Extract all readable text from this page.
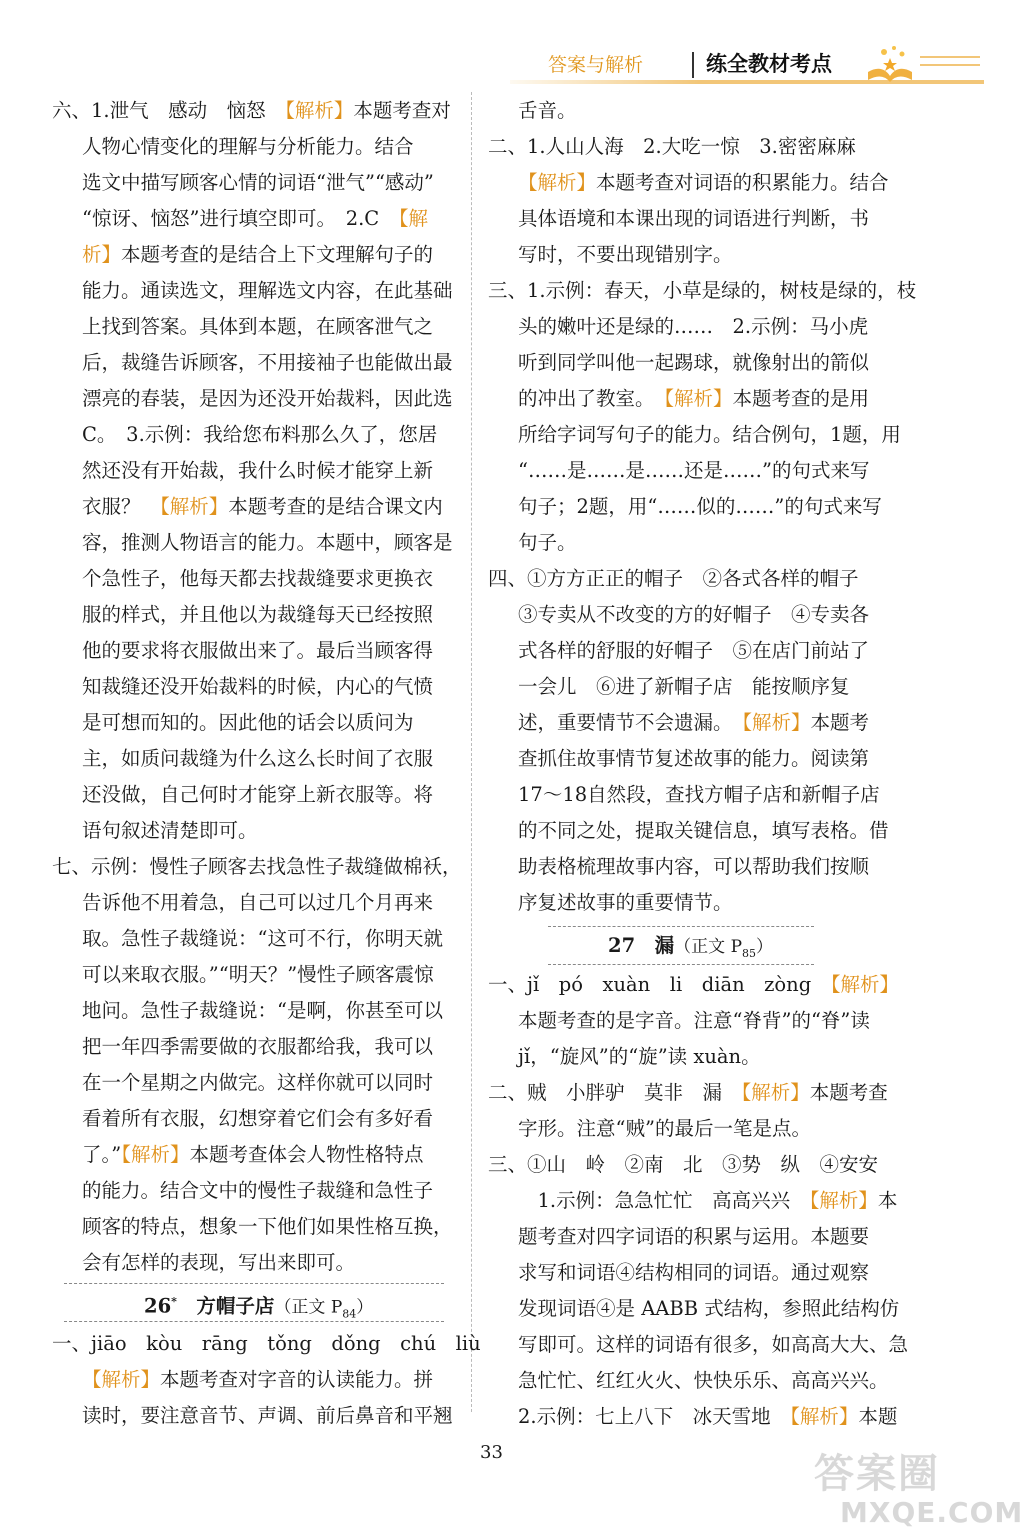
答案与解析	练全教材考点
六、1.泄气　感动　恼怒　【解析】本题考查对
人物心情变化的理解与分析能力。结合
选文中描写顾客心情的词语“泄气”“感动”
“惊讶、恼怒”进行填空即可。　2.C　【解
析】本题考查的是结合上下文理解句子的
能力。通读选文，理解选文内容，在此基础
上找到答案。具体到本题，在顾客泄气之
后，裁缝告诉顾客，不用接袖子也能做出最
漂亮的春装，是因为还没开始裁料，因此选
C。　3.示例：我给您布料那么久了，您居
然还没有开始裁，我什么时候才能穿上新
衣服？　【解析】本题考查的是结合课文内
容，推测人物语言的能力。本题中，顾客是
个急性子，他每天都去找裁缝要求更换衣
服的样式，并且他以为裁缝每天已经按照
他的要求将衣服做出来了。最后当顾客得
知裁缝还没开始裁料的时候，内心的气愤
是可想而知的。因此他的话会以质问为
主，如质问裁缝为什么这么长时间了衣服
还没做，自己何时才能穿上新衣服等。将
语句叙述清楚即可。
七、示例：慢性子顾客去找急性子裁缝做棉袄，
告诉他不用着急，自己可以过几个月再来
取。急性子裁缝说：“这可不行，你明天就
可以来取衣服。”“明天？”慢性子顾客震惊
地问。急性子裁缝说：“是啊，你甚至可以
把一年四季需要做的衣服都给我，我可以
在一个星期之内做完。这样你就可以同时
看着所有衣服，幻想穿着它们会有多好看
了。”【解析】本题考查体会人物性格特点
的能力。结合文中的慢性子裁缝和急性子
顾客的特点，想象一下他们如果性格互换，
会有怎样的表现，写出来即可。
26*　 方帽子店（正文 $P_{84}$）
一、jiāo　kòu　rāng　tǒng　dǒng　chú　liù
【解析】本题考查对字音的认读能力。拼
读时，要注意音节、声调、前后鼻音和平翘
舌音。
二、1.人山人海　2.大吃一惊　3.密密麻麻
【解析】本题考查对词语的积累能力。结合
具体语境和本课出现的词语进行判断，书
写时，不要出现错别字。
三、1.示例：春天，小草是绿的，树枝是绿的，枝
头的嫩叶还是绿的……　2.示例：马小虎
听到同学叫他一起踢球，就像射出的箭似
的冲出了教室。　【解析】本题考查的是用
所给字词写句子的能力。结合例句，1题，用
“……是……是……还是……”的句式来写
句子；2题，用“……似的……”的句式来写
句子。
四、①方方正正的帽子　②各式各样的帽子
③专卖从不改变的方的好帽子　④专卖各
式各样的舒服的好帽子　⑤在店门前站了
一会儿　⑥进了新帽子店　能按顺序复
述，重要情节不会遗漏。　【解析】本题考
查抓住故事情节复述故事的能力。阅读第
17～18自然段，查找方帽子店和新帽子店
的不同之处，提取关键信息，填写表格。借
助表格梳理故事内容，可以帮助我们按顺
序复述故事的重要情节。
27　 漏（正文 $P_{85}$）
一、jǐ　pó　xuàn　li　diān　zòng　【解析】
本题考查的是字音。注意“脊背”的“脊”读
jǐ，“旋风”的“旋”读 xuàn。
二、贼　小胖驴　莫非　漏　【解析】本题考查
字形。注意“贼”的最后一笔是点。
三、①山　岭　②南　北　③势　纵　④安安
　1.示例：急急忙忙　高高兴兴　【解析】本
题考查对四字词语的积累与运用。本题要
求写和词语④结构相同的词语。通过观察
发现词语④是 AABB 式结构，参照此结构仿
写即可。这样的词语有很多，如高高大大、急
急忙忙、红红火火、快快乐乐、高高兴兴。
2.示例：七上八下　冰天雪地　【解析】本题
33	答案圈
MXQE.COM
